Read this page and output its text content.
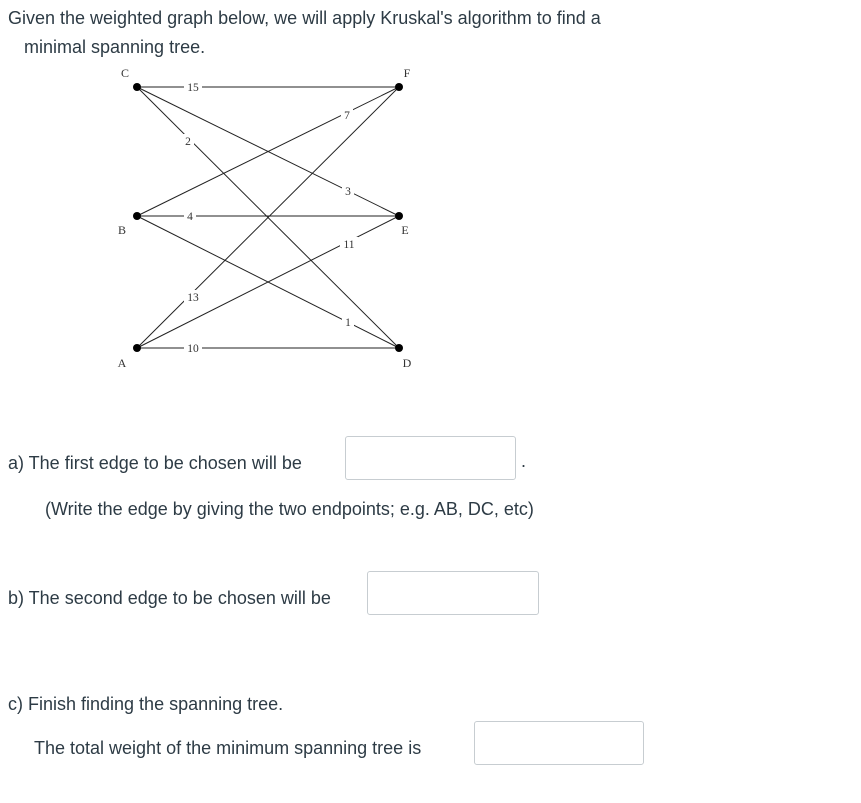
Given the weighted graph below, we will apply Kruskal's algorithm to find a
minimal spanning tree.
15
2
3
7
4
1
13
11
10
C	F
B	E
A	D
a) The first edge to be chosen will be	.
(Write the edge by giving the two endpoints; e.g. AB, DC, etc)
b) The second edge to be chosen will be
c) Finish finding the spanning tree.
The total weight of the minimum spanning tree is
